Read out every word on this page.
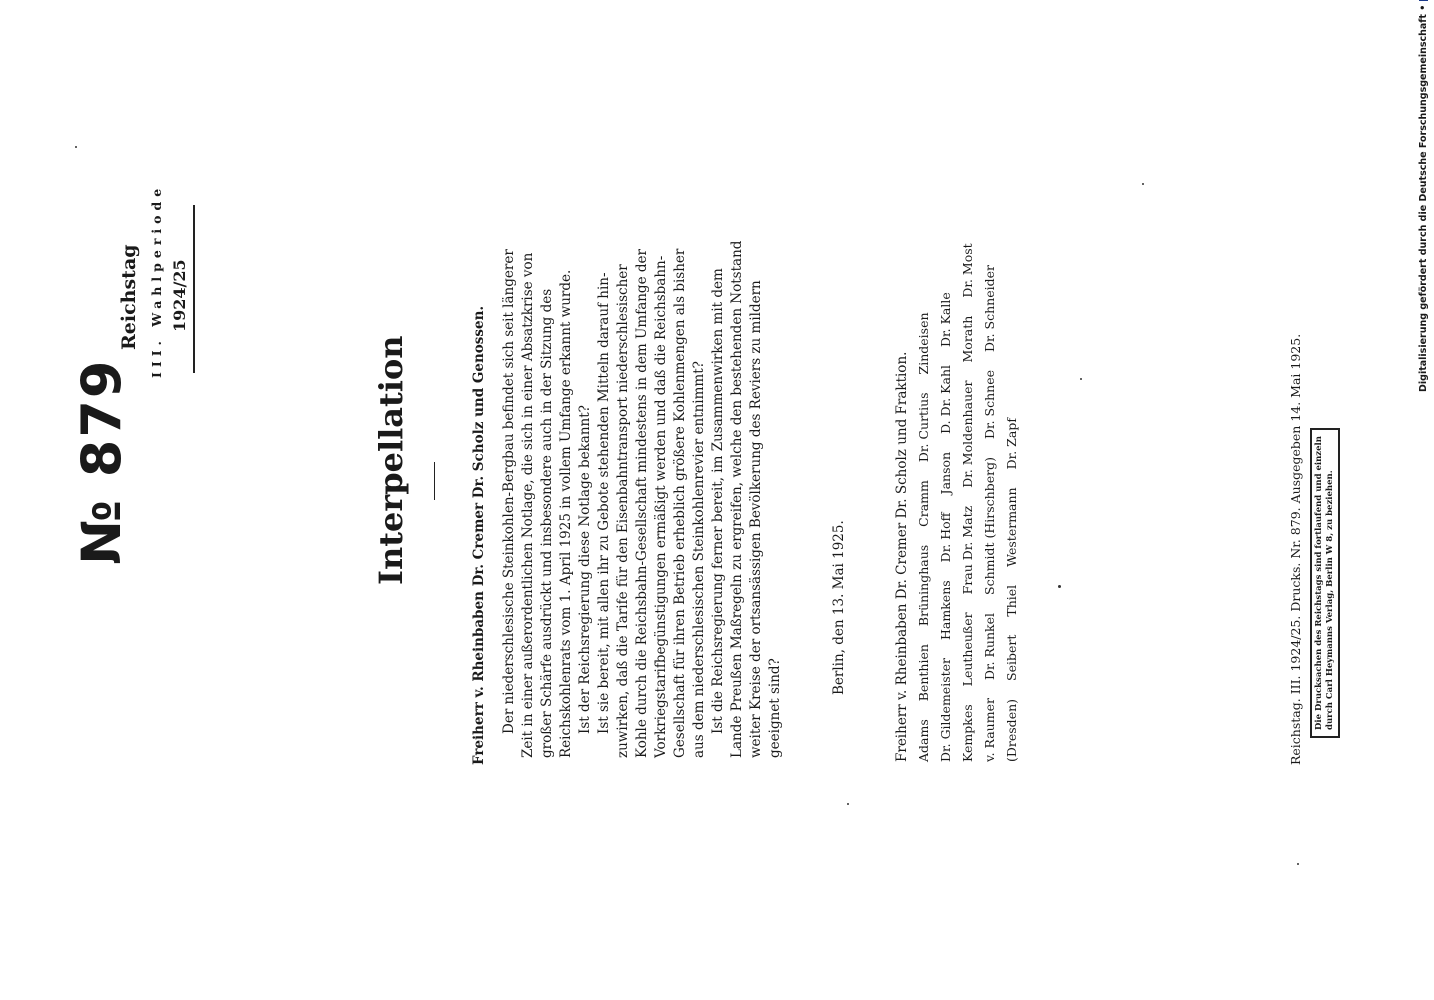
№ 879
Reichstag III. Wahlperiode 1924/25
Interpellation	Freiherr v. Rheinbaben Dr. Cremer Dr. Scholz und Genossen. Der niederschlesische Steinkohlen-Bergbau befindet sich seit längerer Zeit in einer außerordentlichen Notlage, die sich in einer Absatzkrise von großer Schärfe ausdrückt und insbesondere auch in der Sitzung des Reichskohlenrats vom 1. April 1925 in vollem Umfange erkannt wurde. Ist der Reichsregierung diese Notlage bekannt? Ist sie bereit, mit allen ihr zu Gebote stehenden Mitteln darauf hin- zuwirken, daß die Tarife für den Eisenbahntransport niederschlesischer Kohle durch die Reichsbahn-Gesellschaft mindestens in dem Umfange der Vorkriegstarifbegünstigungen ermäßigt werden und daß die Reichsbahn- Gesellschaft für ihren Betrieb erheblich größere Kohlenmengen als bisher aus dem niederschlesischen Steinkohlenrevier entnimmt? Ist die Reichsregierung ferner bereit, im Zusammenwirken mit dem Lande Preußen Maßregeln zu ergreifen, welche den bestehenden Notstand weiter Kreise der ortsansässigen Bevölkerung des Reviers zu mildern geeignet sind?
Berlin, den 13. Mai 1925.	Freiherr v. Rheinbaben Dr. Cremer Dr. Scholz und Fraktion. Adams
Benthien
Brüninghaus
Cramm
Dr. Curtius
Zindeisen
Dr. Gildemeister
Hamkens
Dr. Hoff
Janson
D. Dr. Kahl
Dr. Kalle
Kempkes
Leutheußer
Frau Dr. Matz
Dr. Moldenhauer
Morath
Dr. Most
v. Raumer
Dr. Runkel
Schmidt (Hirschberg)
Dr. Schnee
Dr. Schneider
(Dresden)
Seibert
Thiel
Westermann
Dr. Zapf	Reichstag. III. 1924/25. Drucks. Nr. 879. Ausgegeben 14. Mai 1925. Die Drucksachen des Reichstags sind fortlaufend und einzeln durch Carl Heymanns Verlag, Berlin W 8, zu beziehen.
Digitalisierung gefördert durch die Deutsche Forschungsgemeinschaft •
